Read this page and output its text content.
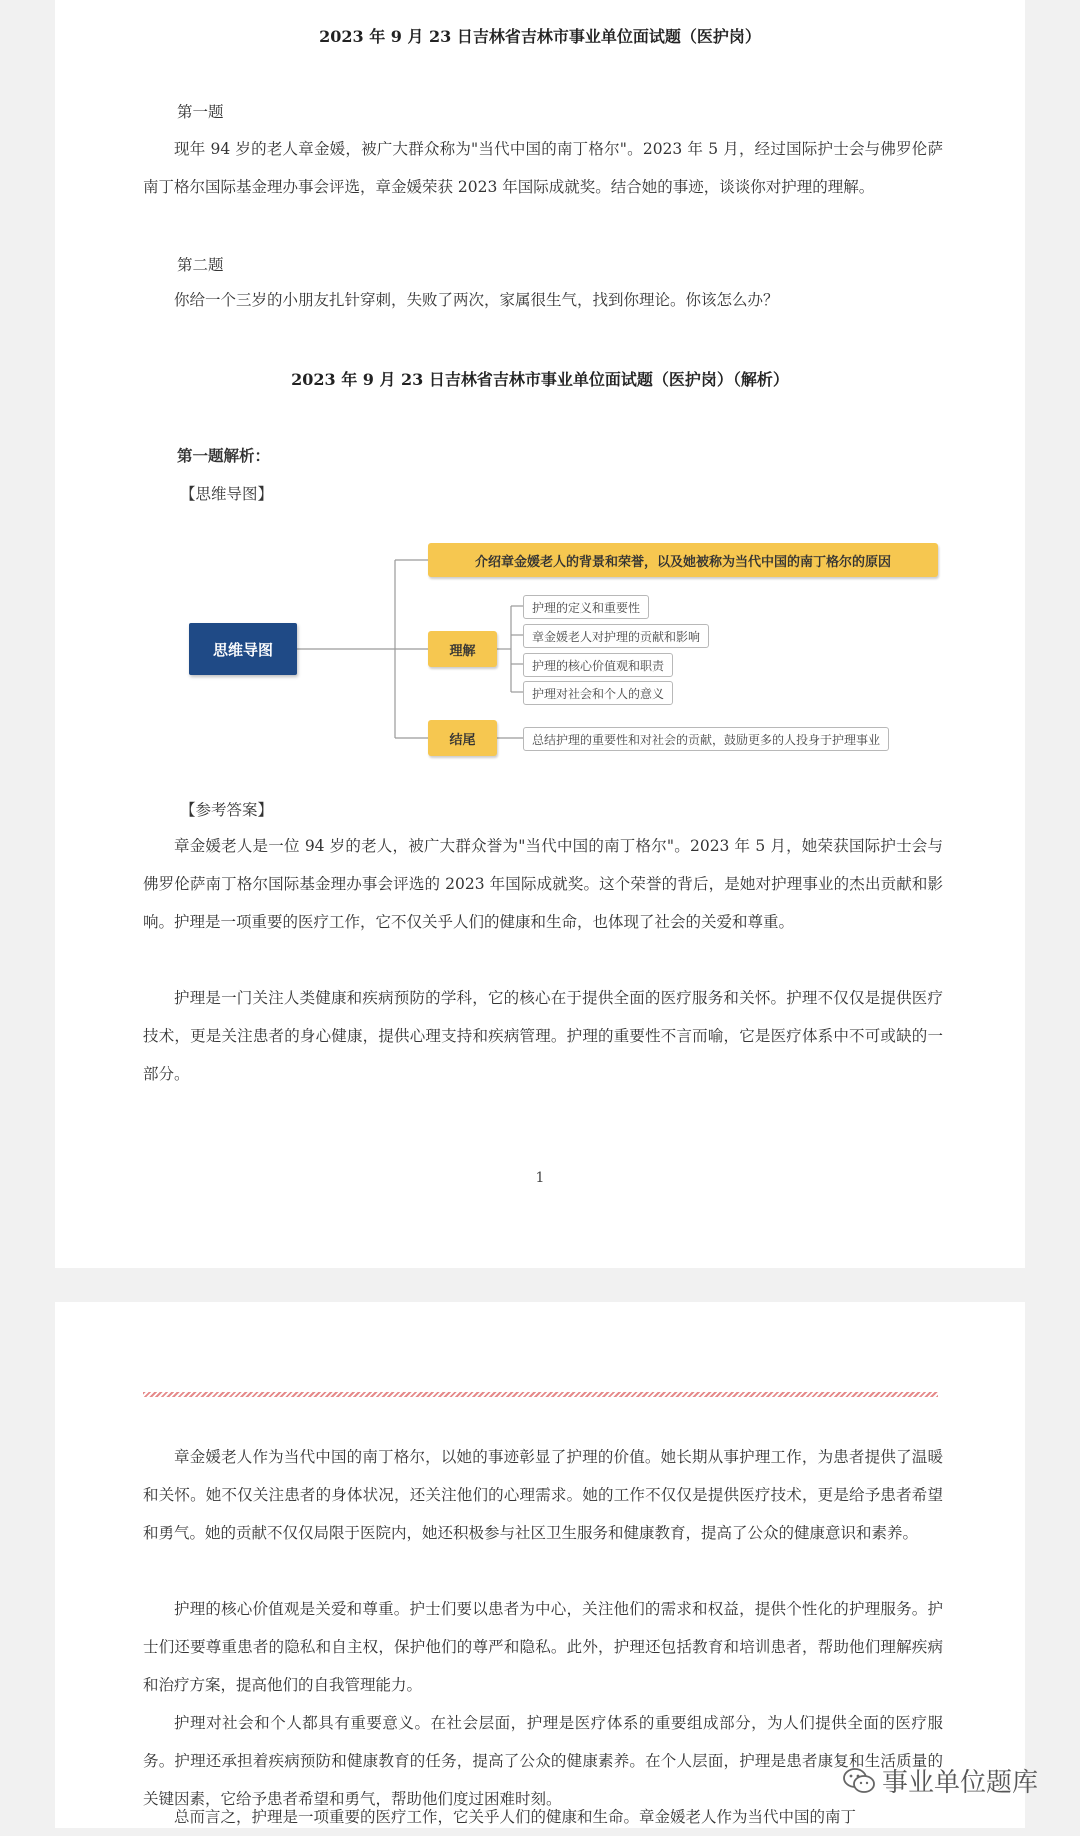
2023 年 9 月 23 日吉林省吉林市事业单位面试题（医护岗）
第一题

现年 94 岁的老人章金媛，被广大群众称为"当代中国的南丁格尔"。2023 年 5 月，经过国际护士会与佛罗伦萨南丁格尔国际基金理办事会评选，章金媛荣获 2023 年国际成就奖。结合她的事迹，谈谈你对护理的理解。

第二题

你给一个三岁的小朋友扎针穿刺，失败了两次，家属很生气，找到你理论。你该怎么办？

2023 年 9 月 23 日吉林省吉林市事业单位面试题（医护岗）（解析）
第一题解析：
【思维导图】
思维导图
介绍章金媛老人的背景和荣誉，以及她被称为当代中国的南丁格尔的原因
理解
护理的定义和重要性
章金媛老人对护理的贡献和影响
护理的核心价值观和职责
护理对社会和个人的意义
结尾	总结护理的重要性和对社会的贡献，鼓励更多的人投身于护理事业
【参考答案】

章金媛老人是一位 94 岁的老人，被广大群众誉为"当代中国的南丁格尔"。2023 年 5 月，她荣获国际护士会与佛罗伦萨南丁格尔国际基金理办事会评选的 2023 年国际成就奖。这个荣誉的背后，是她对护理事业的杰出贡献和影响。护理是一项重要的医疗工作，它不仅关乎人们的健康和生命，也体现了社会的关爱和尊重。

护理是一门关注人类健康和疾病预防的学科，它的核心在于提供全面的医疗服务和关怀。护理不仅仅是提供医疗技术，更是关注患者的身心健康，提供心理支持和疾病管理。护理的重要性不言而喻，它是医疗体系中不可或缺的一部分。

1

章金媛老人作为当代中国的南丁格尔，以她的事迹彰显了护理的价值。她长期从事护理工作，为患者提供了温暖和关怀。她不仅关注患者的身体状况，还关注他们的心理需求。她的工作不仅仅是提供医疗技术，更是给予患者希望和勇气。她的贡献不仅仅局限于医院内，她还积极参与社区卫生服务和健康教育，提高了公众的健康意识和素养。

护理的核心价值观是关爱和尊重。护士们要以患者为中心，关注他们的需求和权益，提供个性化的护理服务。护士们还要尊重患者的隐私和自主权，保护他们的尊严和隐私。此外，护理还包括教育和培训患者，帮助他们理解疾病和治疗方案，提高他们的自我管理能力。

护理对社会和个人都具有重要意义。在社会层面，护理是医疗体系的重要组成部分，为人们提供全面的医疗服务。护理还承担着疾病预防和健康教育的任务，提高了公众的健康素养。在个人层面，护理是患者康复和生活质量的关键因素，它给予患者希望和勇气，帮助他们度过困难时刻。

总而言之，护理是一项重要的医疗工作，它关乎人们的健康和生命。章金媛老人作为当代中国的南丁

事业单位题库
